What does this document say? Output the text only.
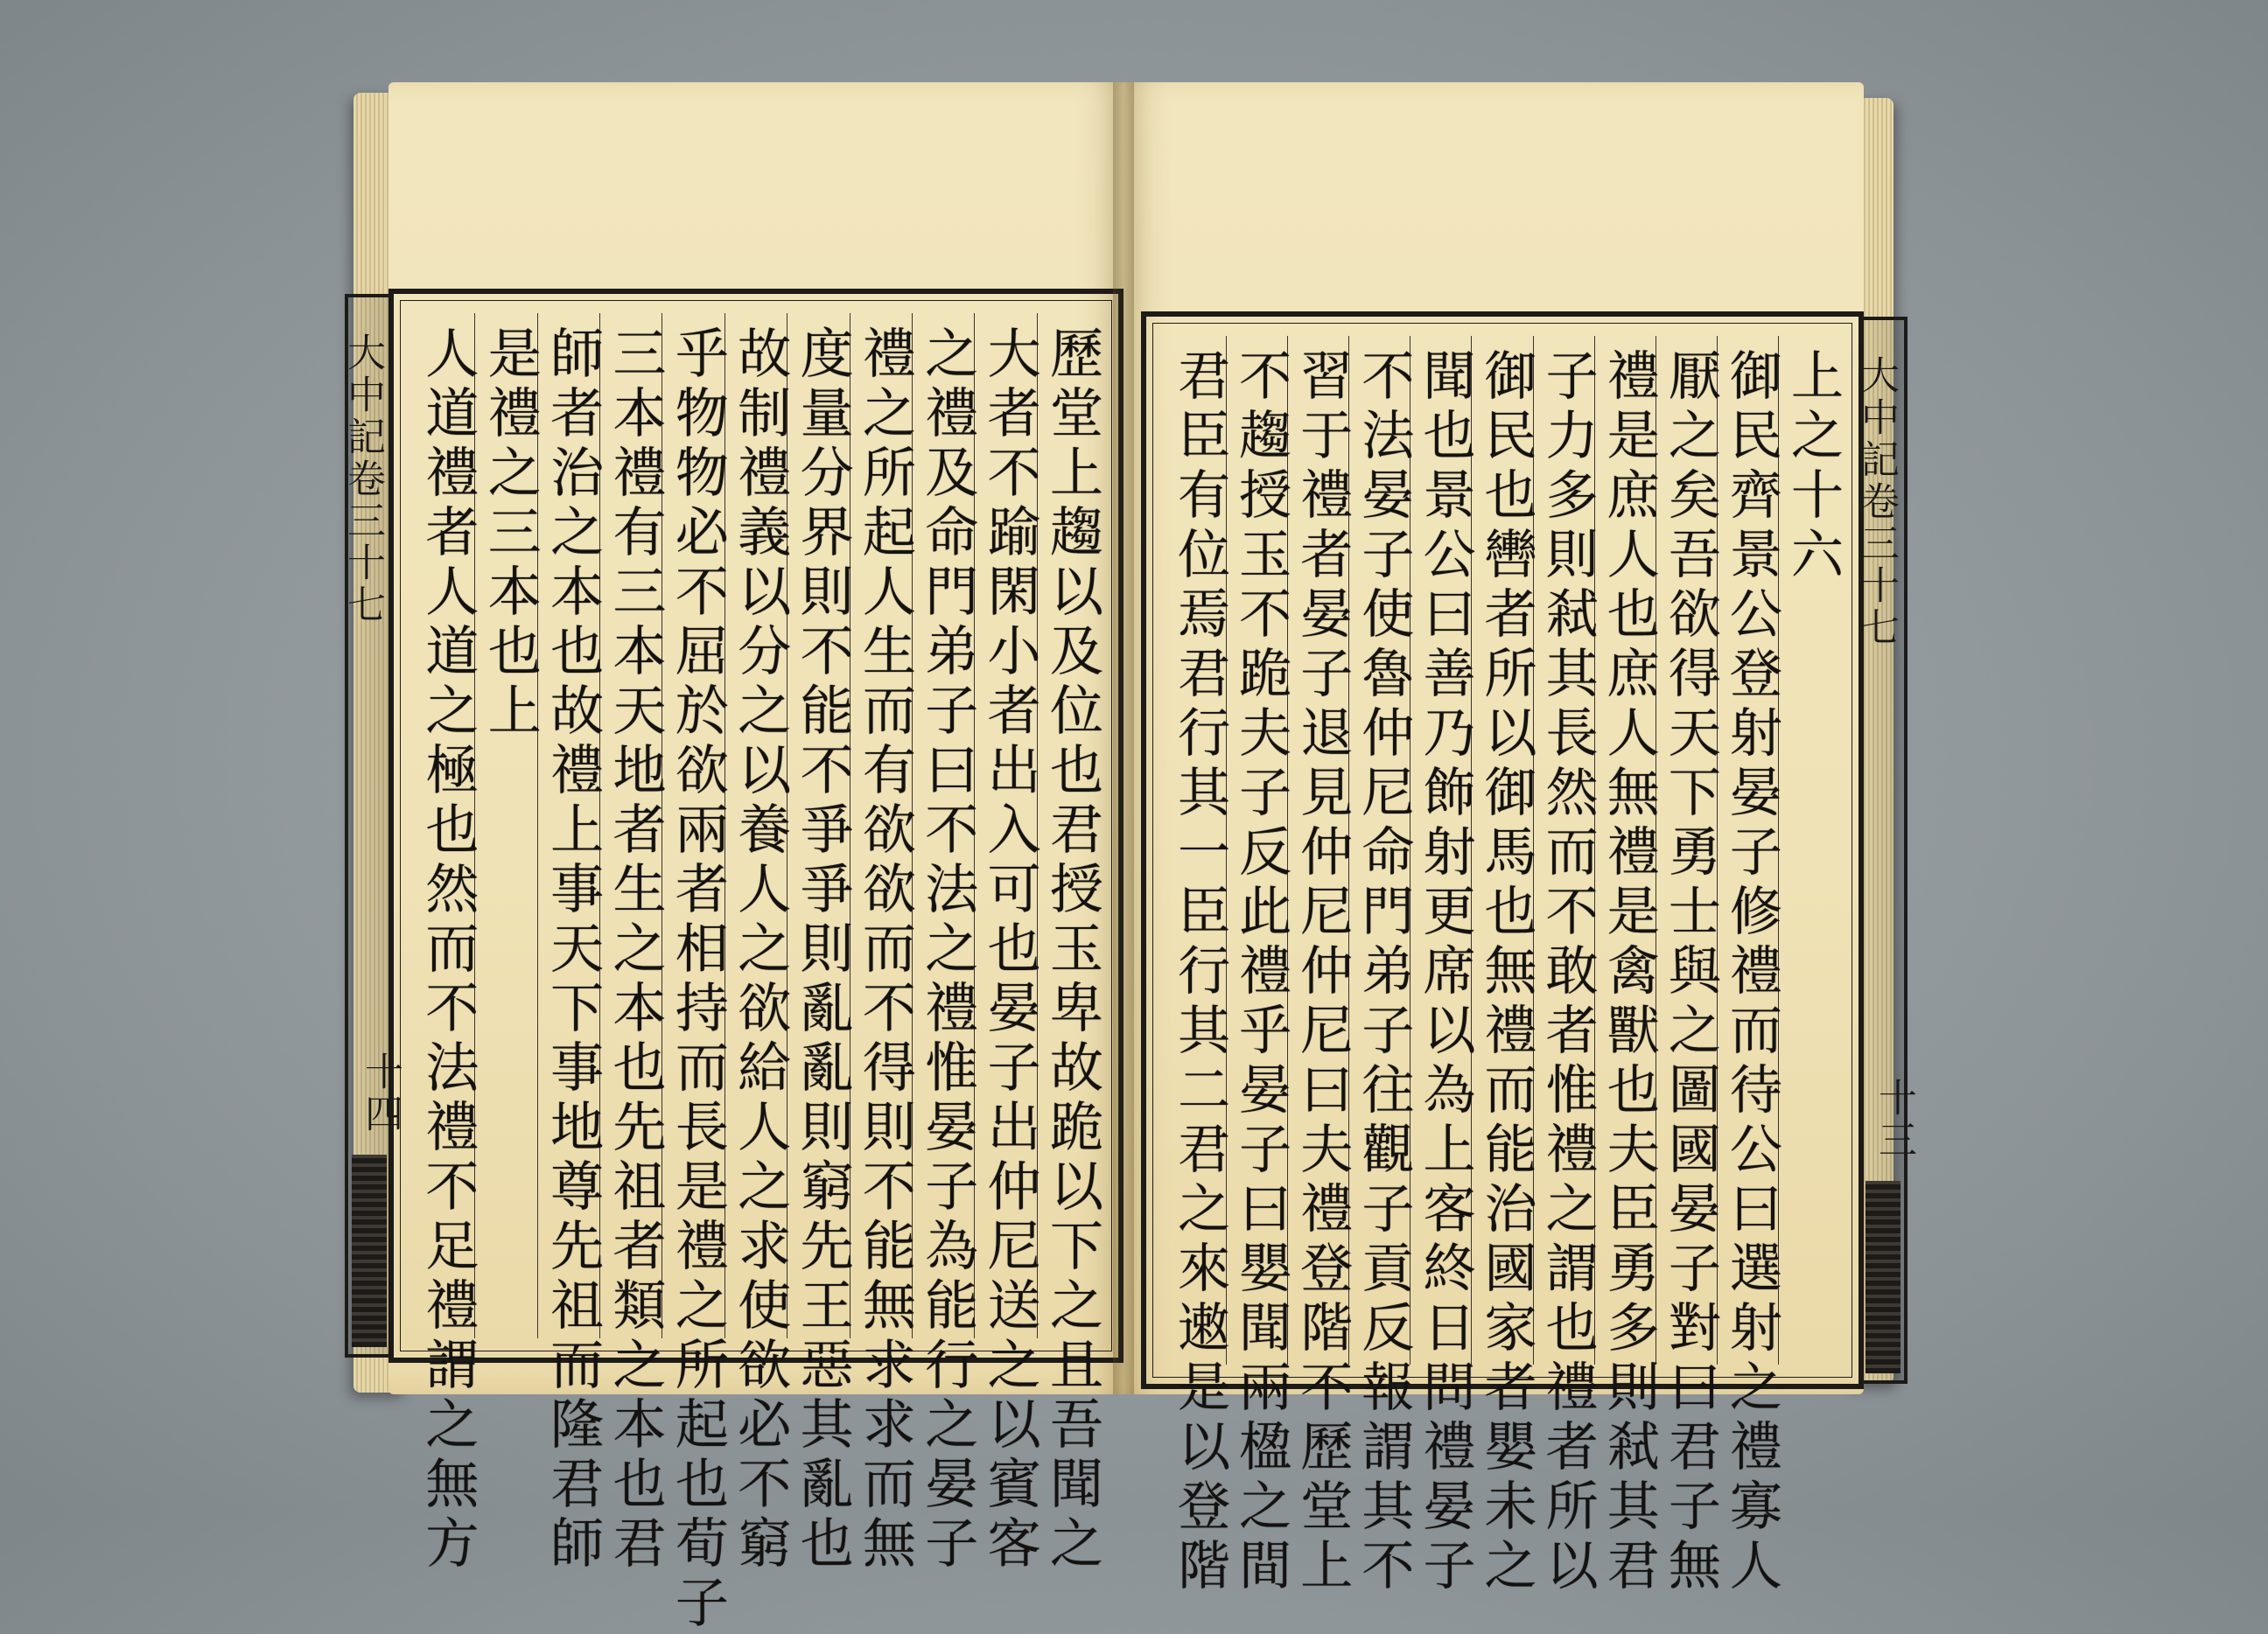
大中記卷三十七
十四	歷堂上趨以及位也君授玉卑故跪以下之且吾聞之
大者不踰閑小者出入可也晏子出仲尼送之以賓客
之禮及命門弟子曰不法之禮惟晏子為能行之晏子
禮之所起人生而有欲欲而不得則不能無求求而無
度量分界則不能不爭爭則亂亂則窮先王惡其亂也
故制禮義以分之以養人之欲給人之求使欲必不窮
乎物物必不屈於欲兩者相持而長是禮之所起也荀子
三本禮有三本天地者生之本也先祖者類之本也君
師者治之本也故禮上事天下事地尊先祖而隆君師
是禮之三本也上
人道禮者人道之極也然而不法禮不足禮謂之無方	大中記卷三十七
十三
上之十六
御民齊景公登射晏子修禮而待公曰選射之禮寡人
厭之矣吾欲得天下勇士與之圖國晏子對曰君子無
禮是庶人也庶人無禮是禽獸也夫臣勇多則弒其君
子力多則弒其長然而不敢者惟禮之謂也禮者所以
御民也轡者所以御馬也無禮而能治國家者嬰未之
聞也景公曰善乃飾射更席以為上客終日問禮晏子
不法晏子使魯仲尼命門弟子往觀子貢反報謂其不
習于禮者晏子退見仲尼仲尼曰夫禮登階不歷堂上
不趨授玉不跪夫子反此禮乎晏子曰嬰聞兩楹之間
君臣有位焉君行其一臣行其二君之來遫是以登階
